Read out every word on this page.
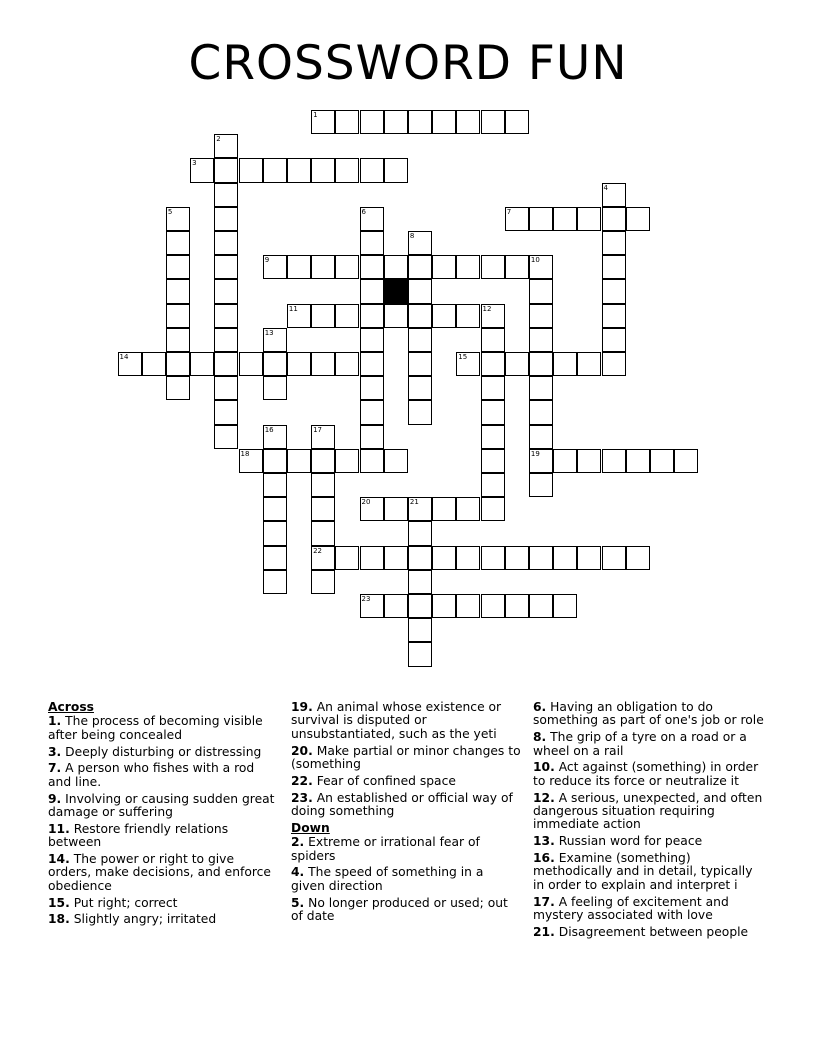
CROSSWORD FUN
1
3
7
9	10
11	12
14	15
18	19
20	21
22
23
2
4
5	6
8
13
16	17
Across
1. The process of becoming visible after being concealed
3. Deeply disturbing or distressing
7. A person who fishes with a rod and line.
9. Involving or causing sudden great damage or suffering
11. Restore friendly relations between
14. The power or right to give orders, make decisions, and enforce obedience
15. Put right; correct
18. Slightly angry; irritated
19. An animal whose existence or survival is disputed or unsubstantiated, such as the yeti
20. Make partial or minor changes to (something
22. Fear of confined space
23. An established or official way of doing something
Down
2. Extreme or irrational fear of spiders
4. The speed of something in a given direction
5. No longer produced or used; out of date
6. Having an obligation to do something as part of one's job or role
8. The grip of a tyre on a road or a wheel on a rail
10. Act against (something) in order to reduce its force or neutralize it
12. A serious, unexpected, and often dangerous situation requiring immediate action
13. Russian word for peace
16. Examine (something) methodically and in detail, typically in order to explain and interpret i
17. A feeling of excitement and mystery associated with love
21. Disagreement between people
